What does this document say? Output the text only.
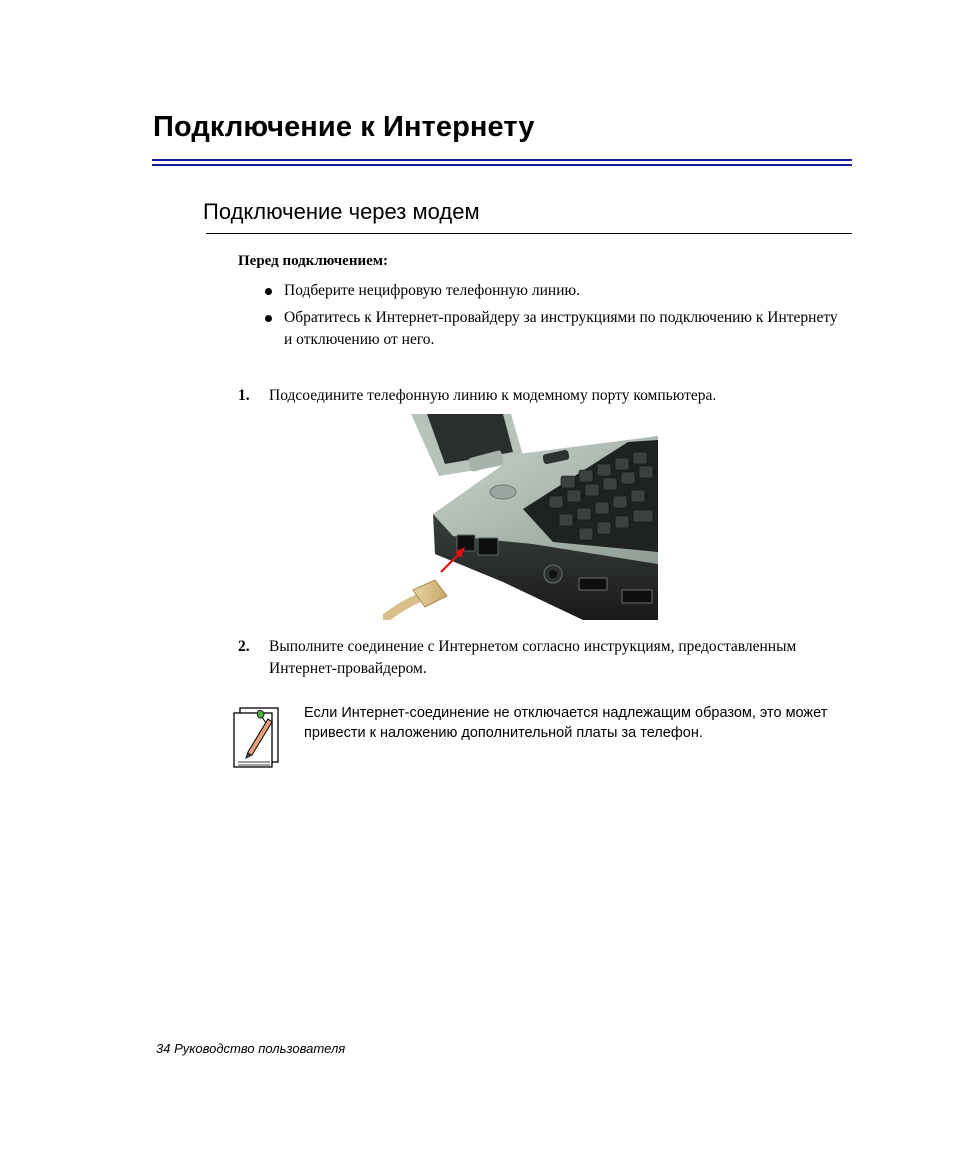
Подключение к Интернету
Подключение через модем
Перед подключением:
Подберите нецифровую телефонную линию.
Обратитесь к Интернет-провайдеру за инструкциями по подключению к Интернету и отключению от него.
1.	Подсоедините телефонную линию к модемному порту компьютера.
2.	Выполните соединение с Интернетом согласно инструкциям, предоставленным Интернет-провайдером.
Если Интернет-соединение не отключается надлежащим образом, это может привести к наложению дополнительной платы за телефон.
34 Руководство пользователя
